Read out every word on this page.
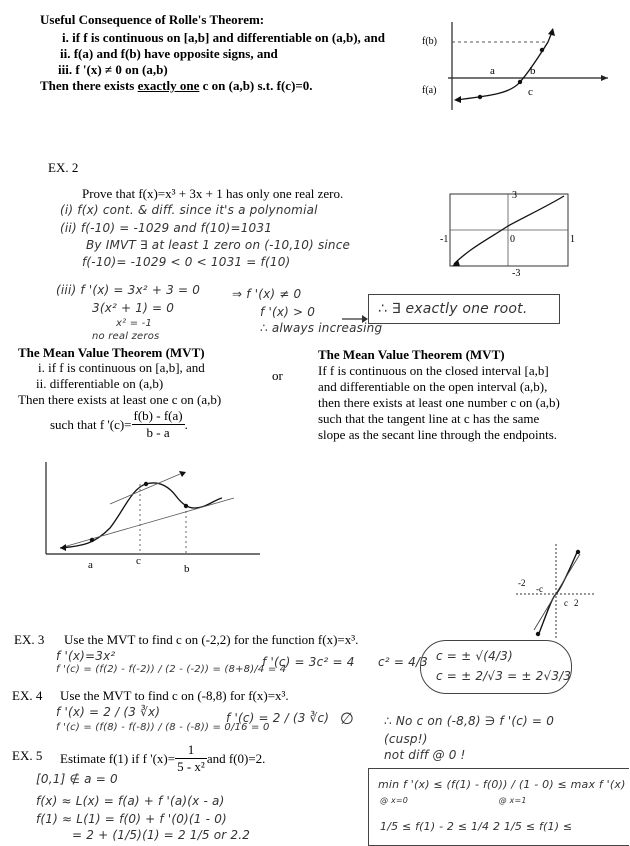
Useful Consequence of Rolle's Theorem:
i. if f is continuous on [a,b] and differentiable on (a,b), and
ii. f(a) and f(b) have opposite signs, and
iii. f '(x) ≠ 0 on (a,b)
Then there exists exactly one c on (a,b) s.t. f(c)=0.
f(b)
f(a)
a
c
b
EX. 2
Prove that f(x)=x³ + 3x + 1 has only one real zero.
(i) f(x) cont. & diff. since it's a polynomial
(ii) f(-10) = -1029 and f(10)=1031
By IMVT ∃ at least 1 zero on (-10,10) since
f(-10)= -1029 < 0 < 1031 = f(10)
(iii) f '(x) = 3x² + 3 = 0
3(x² + 1) = 0
x² = -1
no real zeros
⇒ f '(x) ≠ 0
f '(x) > 0
∴ always increasing
∴ ∃ exactly one root.
3
-3
-1	0	1
The Mean Value Theorem (MVT)
i. if f is continuous on [a,b], and
ii. differentiable on (a,b)
Then there exists at least one c on (a,b)
such that f '$(c)= \frac{f(b) - f(a)}{b - a}$ .
or
The Mean Value Theorem (MVT)
If f is continuous on the closed interval [a,b]
and differentiable on the open interval (a,b),
then there exists at least one number c on (a,b)
such that the tangent line at c has the same
slope as the secant line through the endpoints.
a	c
b
-2
-c
c 2
EX. 3 Use the MVT to find c on (-2,2) for the function f(x)=x³.
f '(x)=3x²
f '(c) = (f(2) - f(-2)) / (2 - (-2)) = (8+8)/4 = 4
f '(c) = 3c² = 4 c² = 4/3 c = ± √(4/3)
c = ± 2/√3 = ± 2√3/3
EX. 4 Use the MVT to find c on (-8,8) for f(x)=x³.
f '(x) = 2 / (3 ∛x)
f '(c) = (f(8) - f(-8)) / (8 - (-8)) = 0/16 = 0
f '(c) = 2 / (3 ∛c) ∅ ∴ No c on (-8,8) ∋ f '(c) = 0
(cusp!)
not diff @ 0 !
EX. 5 Estimate f(1) if f '$(x)= \frac{1}{\text{5 - x²}}$ and f(0)=2.
[0,1] ∉ a = 0
f(x) ≈ L(x) = f(a) + f '(a)(x - a)
f(1) ≈ L(1) = f(0) + f '(0)(1 - 0)
= 2 + (1/5)(1) = 2 1/5 or 2.2
min f '(x) ≤ (f(1) - f(0)) / (1 - 0) ≤ max f '(x)
@ x=0                                 @ x=1
1/5 ≤ f(1) - 2 ≤ 1/4 2 1/5 ≤ f(1) ≤
